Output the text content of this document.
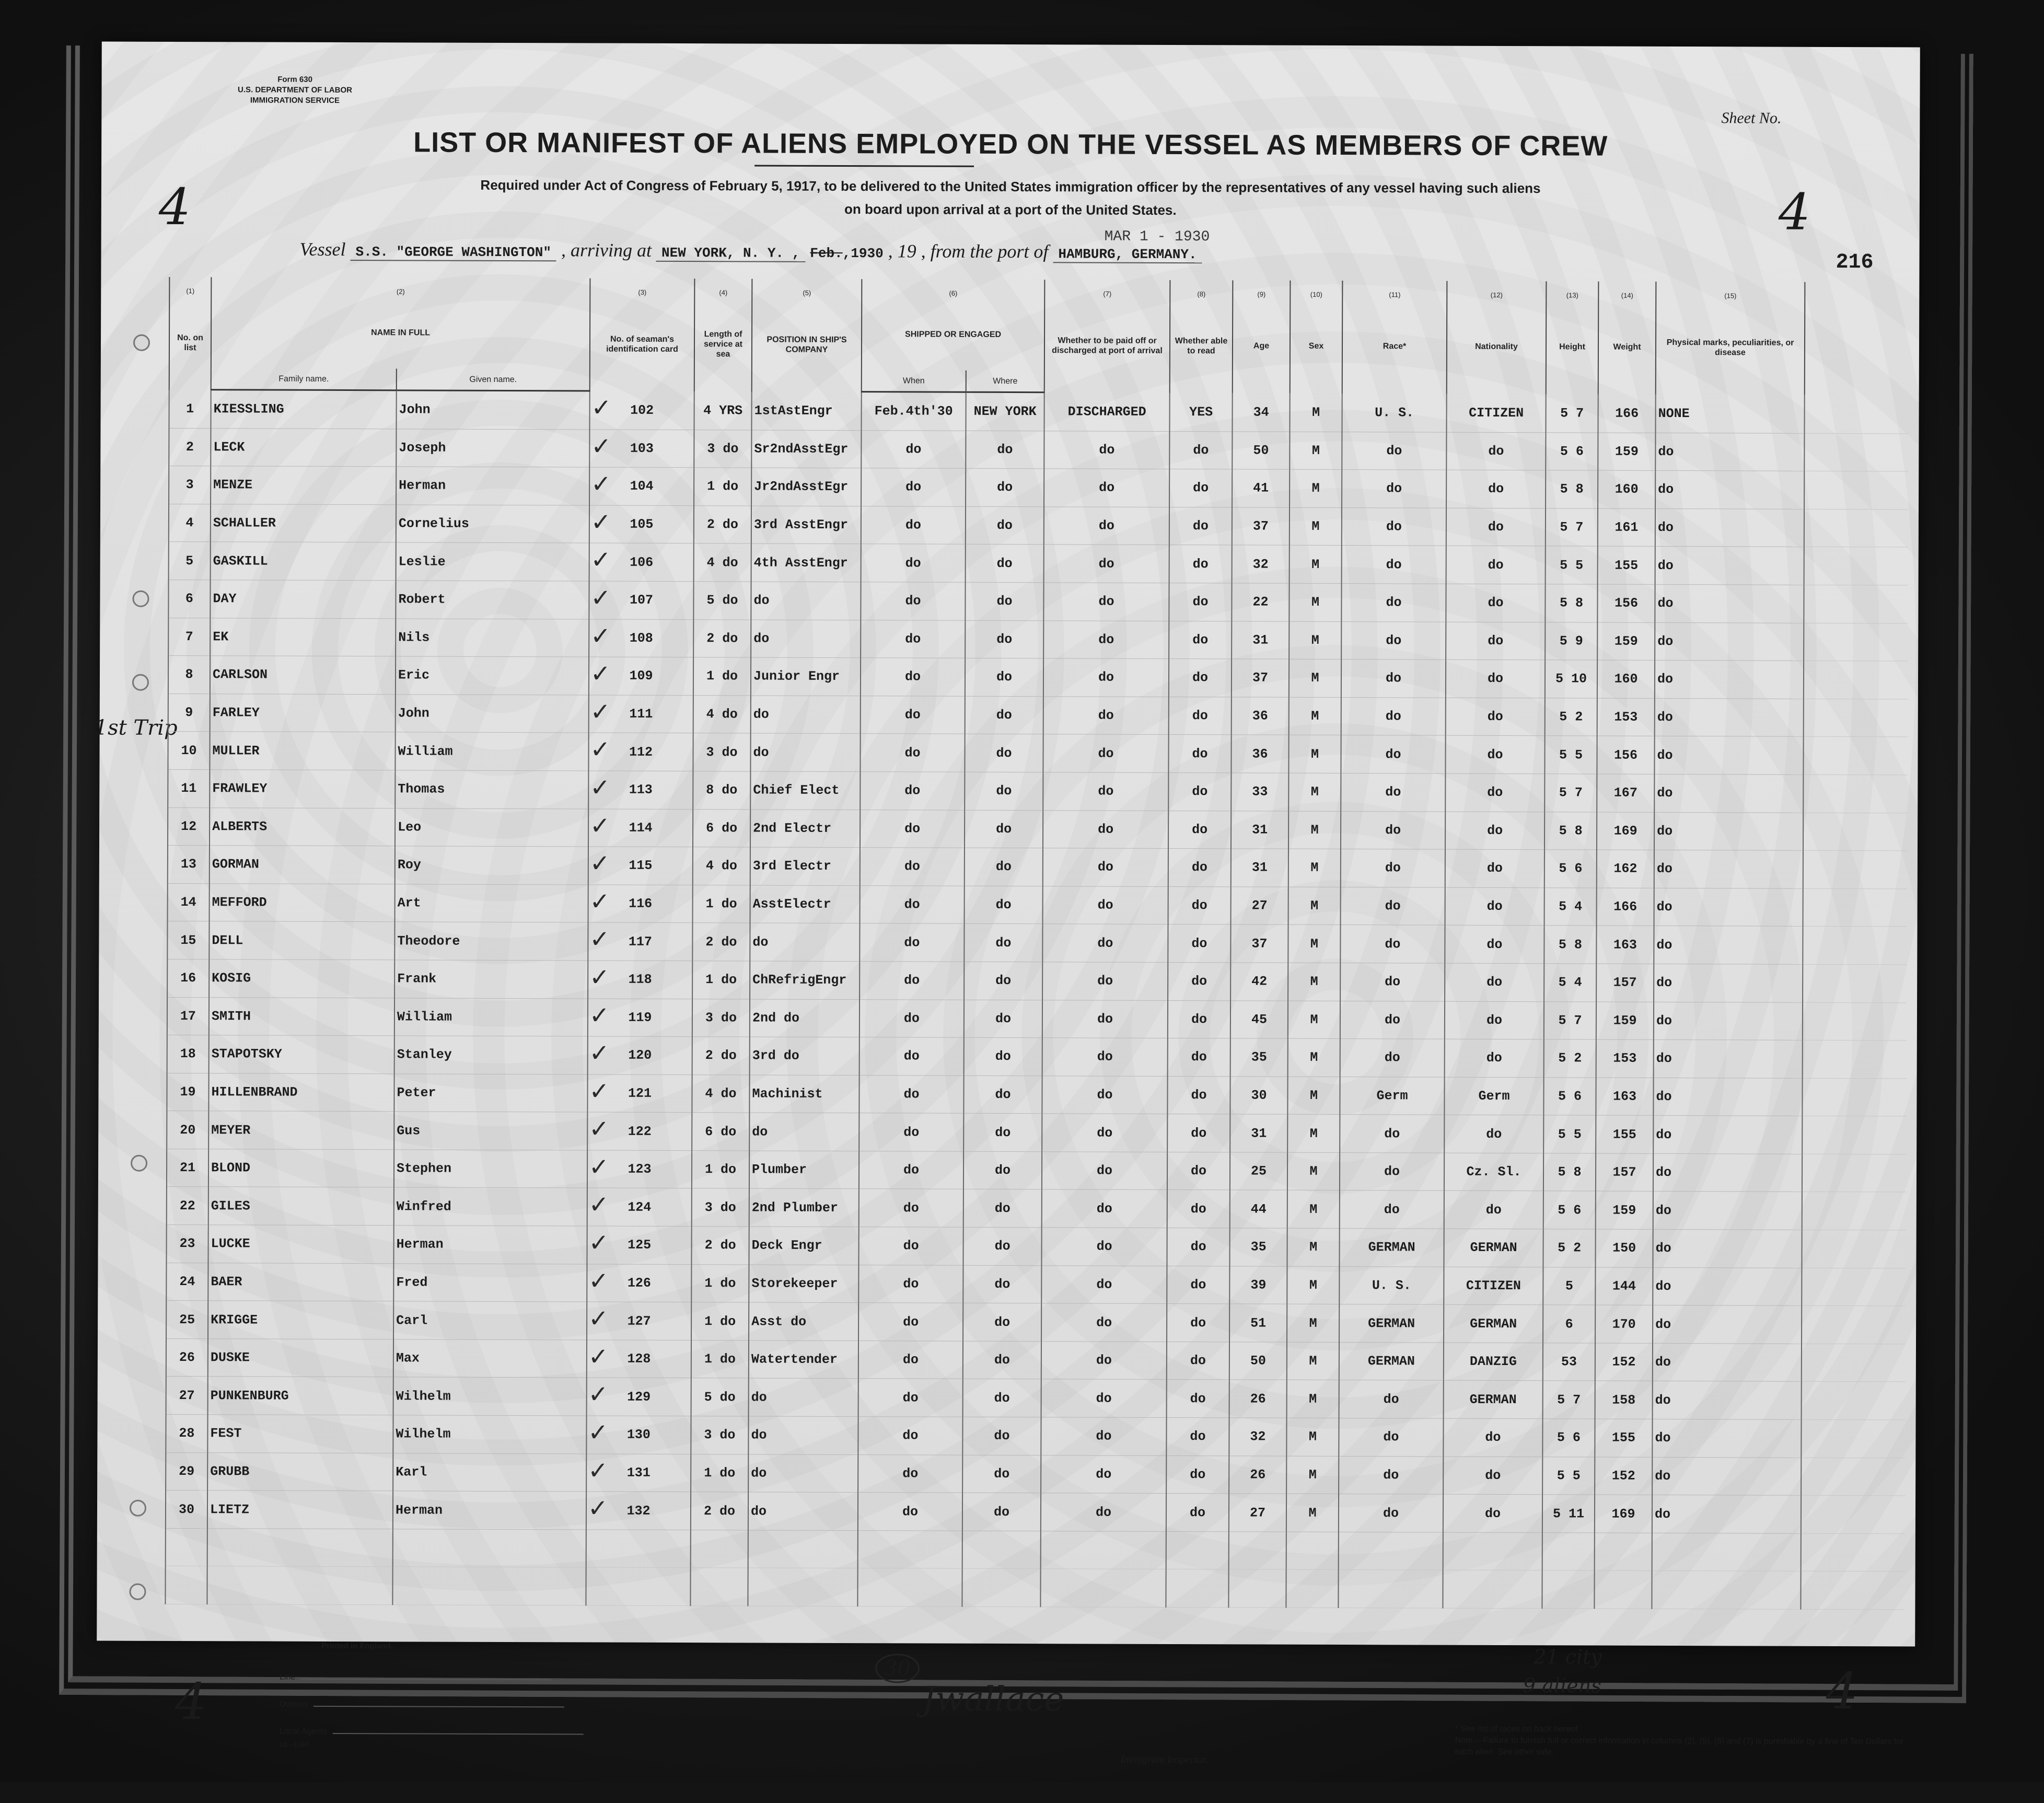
Form 630
U.S. DEPARTMENT OF LABOR
IMMIGRATION SERVICE
Sheet No.
LIST OR MANIFEST OF ALIENS EMPLOYED ON THE VESSEL AS MEMBERS OF CREW
Required under Act of Congress of February 5, 1917, to be delivered to the United States immigration officer by the representatives of any vessel having such aliens
on board upon arrival at a port of the United States.
4	4
216
MAR 1 - 1930
Vessel S.S. "GEORGE WASHINGTON" , arriving at NEW YORK, N. Y. , Feb.,1930 , 19 , from the port of HAMBURG, GERMANY.
1st Trip
(1)	(2)		(3)	(4)	(5)	(6)		(7)	(8)	(9)	(10)	(11)	(12)	(13)	(14)	(15)	
No. on list	NAME IN FULL		No. of seaman's identification card	Length of service at sea	POSITION IN SHIP'S COMPANY	SHIPPED OR ENGAGED		Whether to be paid off or discharged at port of arrival	Whether able to read	Age	Sex	Race*	Nationality	Height	Weight	Physical marks, peculiarities, or disease	
	Family name.	Given name.				When	Where										
1	KIESSLING	John	✓ 102	4 YRS	1stAstEngr	Feb.4th'30	NEW YORK	DISCHARGED	YES	34	M	U. S.	CITIZEN	5 7	166	NONE	
2	LECK	Joseph	✓ 103	3 do	Sr2ndAsstEgr	do	do	do	do	50	M	do	do	5 6	159	do	
3	MENZE	Herman	✓ 104	1 do	Jr2ndAsstEgr	do	do	do	do	41	M	do	do	5 8	160	do	
4	SCHALLER	Cornelius	✓ 105	2 do	3rd AsstEngr	do	do	do	do	37	M	do	do	5 7	161	do	
5	GASKILL	Leslie	✓ 106	4 do	4th AsstEngr	do	do	do	do	32	M	do	do	5 5	155	do	
6	DAY	Robert	✓ 107	5 do	do	do	do	do	do	22	M	do	do	5 8	156	do	
7	EK	Nils	✓ 108	2 do	do	do	do	do	do	31	M	do	do	5 9	159	do	
8	CARLSON	Eric	✓ 109	1 do	Junior Engr	do	do	do	do	37	M	do	do	5 10	160	do	
9	FARLEY	John	✓ 111	4 do	do	do	do	do	do	36	M	do	do	5 2	153	do	
10	MULLER	William	✓ 112	3 do	do	do	do	do	do	36	M	do	do	5 5	156	do	
11	FRAWLEY	Thomas	✓ 113	8 do	Chief Elect	do	do	do	do	33	M	do	do	5 7	167	do	
12	ALBERTS	Leo	✓ 114	6 do	2nd Electr	do	do	do	do	31	M	do	do	5 8	169	do	
13	GORMAN	Roy	✓ 115	4 do	3rd Electr	do	do	do	do	31	M	do	do	5 6	162	do	
14	MEFFORD	Art	✓ 116	1 do	AsstElectr	do	do	do	do	27	M	do	do	5 4	166	do	
15	DELL	Theodore	✓ 117	2 do	do	do	do	do	do	37	M	do	do	5 8	163	do	
16	KOSIG	Frank	✓ 118	1 do	ChRefrigEngr	do	do	do	do	42	M	do	do	5 4	157	do	
17	SMITH	William	✓ 119	3 do	2nd do	do	do	do	do	45	M	do	do	5 7	159	do	
18	STAPOTSKY	Stanley	✓ 120	2 do	3rd do	do	do	do	do	35	M	do	do	5 2	153	do	
19	HILLENBRAND	Peter	✓ 121	4 do	Machinist	do	do	do	do	30	M	Germ	Germ	5 6	163	do	
20	MEYER	Gus	✓ 122	6 do	do	do	do	do	do	31	M	do	do	5 5	155	do	
21	BLOND	Stephen	✓ 123	1 do	Plumber	do	do	do	do	25	M	do	Cz. Sl.	5 8	157	do	
22	GILES	Winfred	✓ 124	3 do	2nd Plumber	do	do	do	do	44	M	do	do	5 6	159	do	
23	LUCKE	Herman	✓ 125	2 do	Deck Engr	do	do	do	do	35	M	GERMAN	GERMAN	5 2	150	do	
24	BAER	Fred	✓ 126	1 do	Storekeeper	do	do	do	do	39	M	U. S.	CITIZEN	5	144	do	
25	KRIGGE	Carl	✓ 127	1 do	Asst do	do	do	do	do	51	M	GERMAN	GERMAN	6	170	do	
26	DUSKE	Max	✓ 128	1 do	Watertender	do	do	do	do	50	M	GERMAN	DANZIG	53	152	do	
27	PUNKENBURG	Wilhelm	✓ 129	5 do	do	do	do	do	do	26	M	do	GERMAN	5 7	158	do	
28	FEST	Wilhelm	✓ 130	3 do	do	do	do	do	do	32	M	do	do	5 6	155	do	
29	GRUBB	Karl	✓ 131	1 do	do	do	do	do	do	26	M	do	do	5 5	152	do	
30	LIETZ	Herman	✓ 132	2 do	do	do	do	do	do	27	M	do	do	5 11	169	do	

Printed in England.
4	Line
Owners
Local Agents
14—1360
30
Jwallace
Immigrant Inspector.
21 city
9 aliens	4
* See list of races on back hereof.
Note.—Failure to furnish full or correct information in columns (2), (5), (6) and (7) is punishable by a fine of Ten Dollars for each alien. See other side.
